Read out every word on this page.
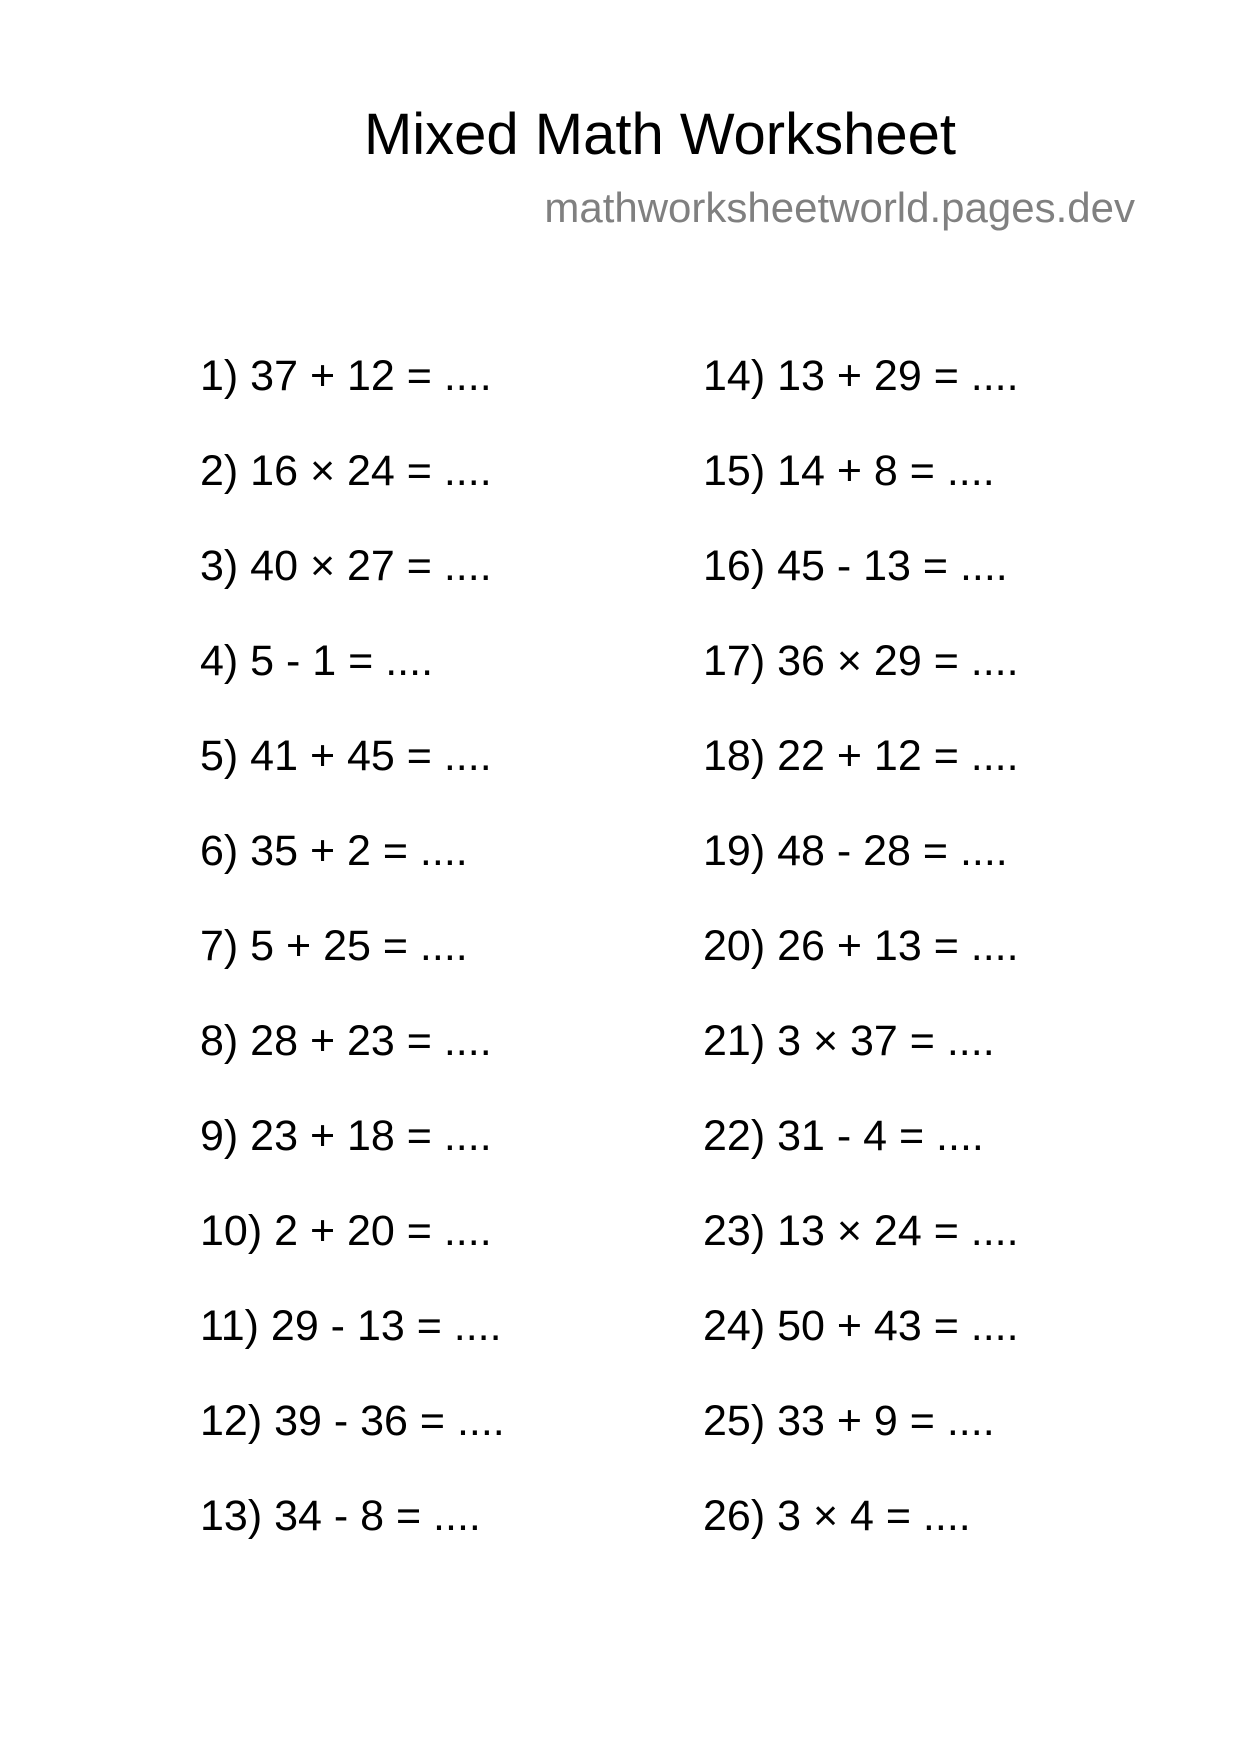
Mixed Math Worksheet
mathworksheetworld.pages.dev
1) 37 + 12 = ....
2) 16 × 24 = ....
3) 40 × 27 = ....
4) 5 - 1 = ....
5) 41 + 45 = ....
6) 35 + 2 = ....
7) 5 + 25 = ....
8) 28 + 23 = ....
9) 23 + 18 = ....
10) 2 + 20 = ....
11) 29 - 13 = ....
12) 39 - 36 = ....
13) 34 - 8 = ....
14) 13 + 29 = ....
15) 14 + 8 = ....
16) 45 - 13 = ....
17) 36 × 29 = ....
18) 22 + 12 = ....
19) 48 - 28 = ....
20) 26 + 13 = ....
21) 3 × 37 = ....
22) 31 - 4 = ....
23) 13 × 24 = ....
24) 50 + 43 = ....
25) 33 + 9 = ....
26) 3 × 4 = ....
